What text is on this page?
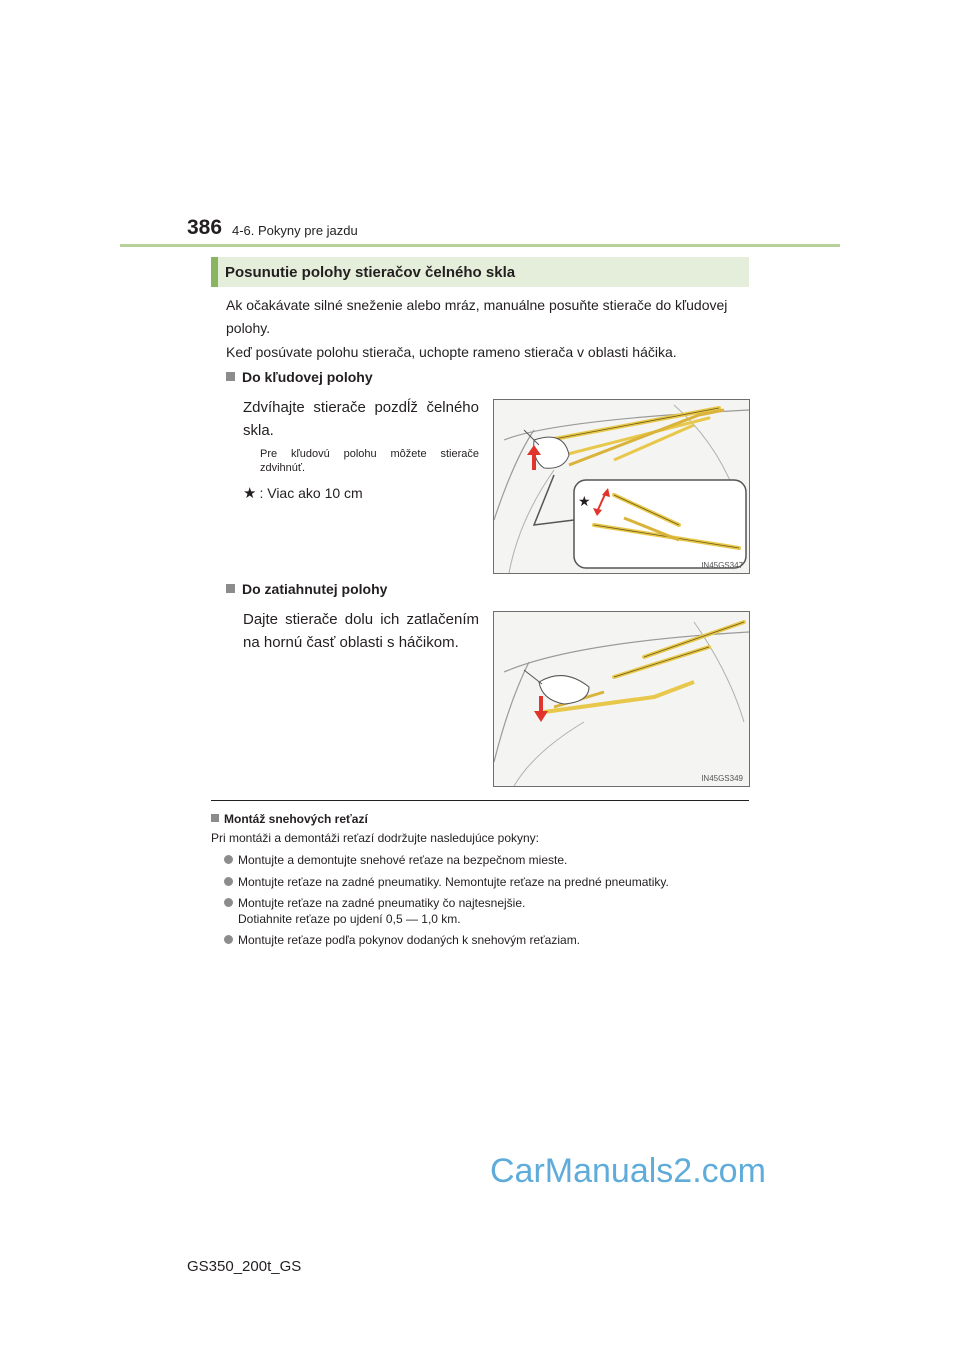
386 4-6. Pokyny pre jazdu
Posunutie polohy stieračov čelného skla
Ak očakávate silné sneženie alebo mráz, manuálne posuňte stierače do kľudovej polohy.
Keď posúvate polohu stierača, uchopte rameno stierača v oblasti háčika.
Do kľudovej polohy
Zdvíhajte stierače pozdĺž čelného skla.
Pre kľudovú polohu môžete stierače zdvihnúť.
★ : Viac ako 10 cm
★
IN45GS347
Do zatiahnutej polohy
Dajte stierače dolu ich zatlačením na hornú časť oblasti s háčikom.
IN45GS349
Montáž snehových reťazí
Pri montáži a demontáži reťazí dodržujte nasledujúce pokyny:
Montujte a demontujte snehové reťaze na bezpečnom mieste.
Montujte reťaze na zadné pneumatiky. Nemontujte reťaze na predné pneumatiky.
Montujte reťaze na zadné pneumatiky čo najtesnejšie.
Dotiahnite reťaze po ujdení 0,5 — 1,0 km.
Montujte reťaze podľa pokynov dodaných k snehovým reťaziam.
CarManuals2.com
GS350_200t_GS
